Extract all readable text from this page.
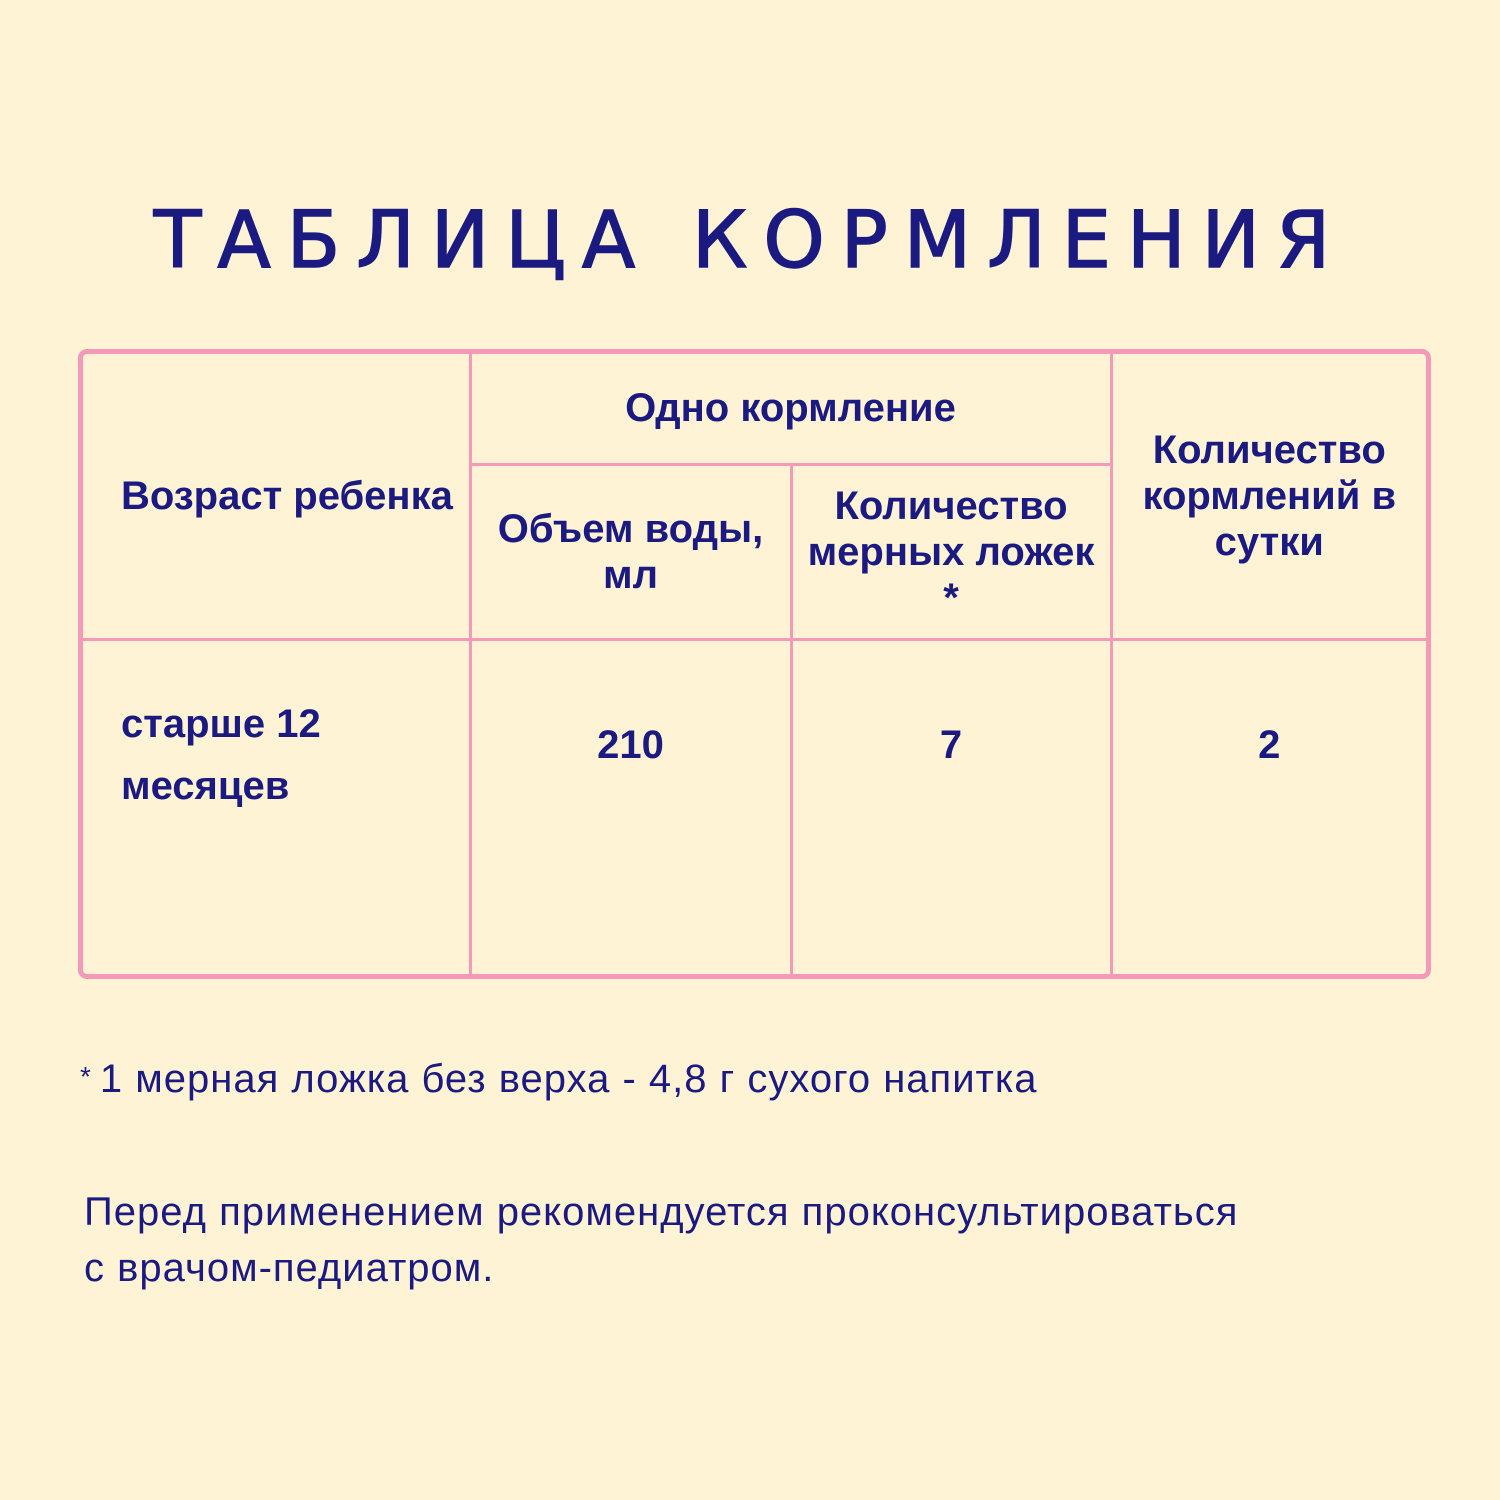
ТАБЛИЦА КОРМЛЕНИЯ
Возраст ребенка	Одно кормление		Количество кормлений в сутки
	Объем воды, мл	Количество мерных ложек *	
старше 12
месяцев	210	7	2
* 1 мерная ложка без верха - 4,8 г сухого напитка
Перед применением рекомендуется проконсультироваться
с врачом-педиатром.
